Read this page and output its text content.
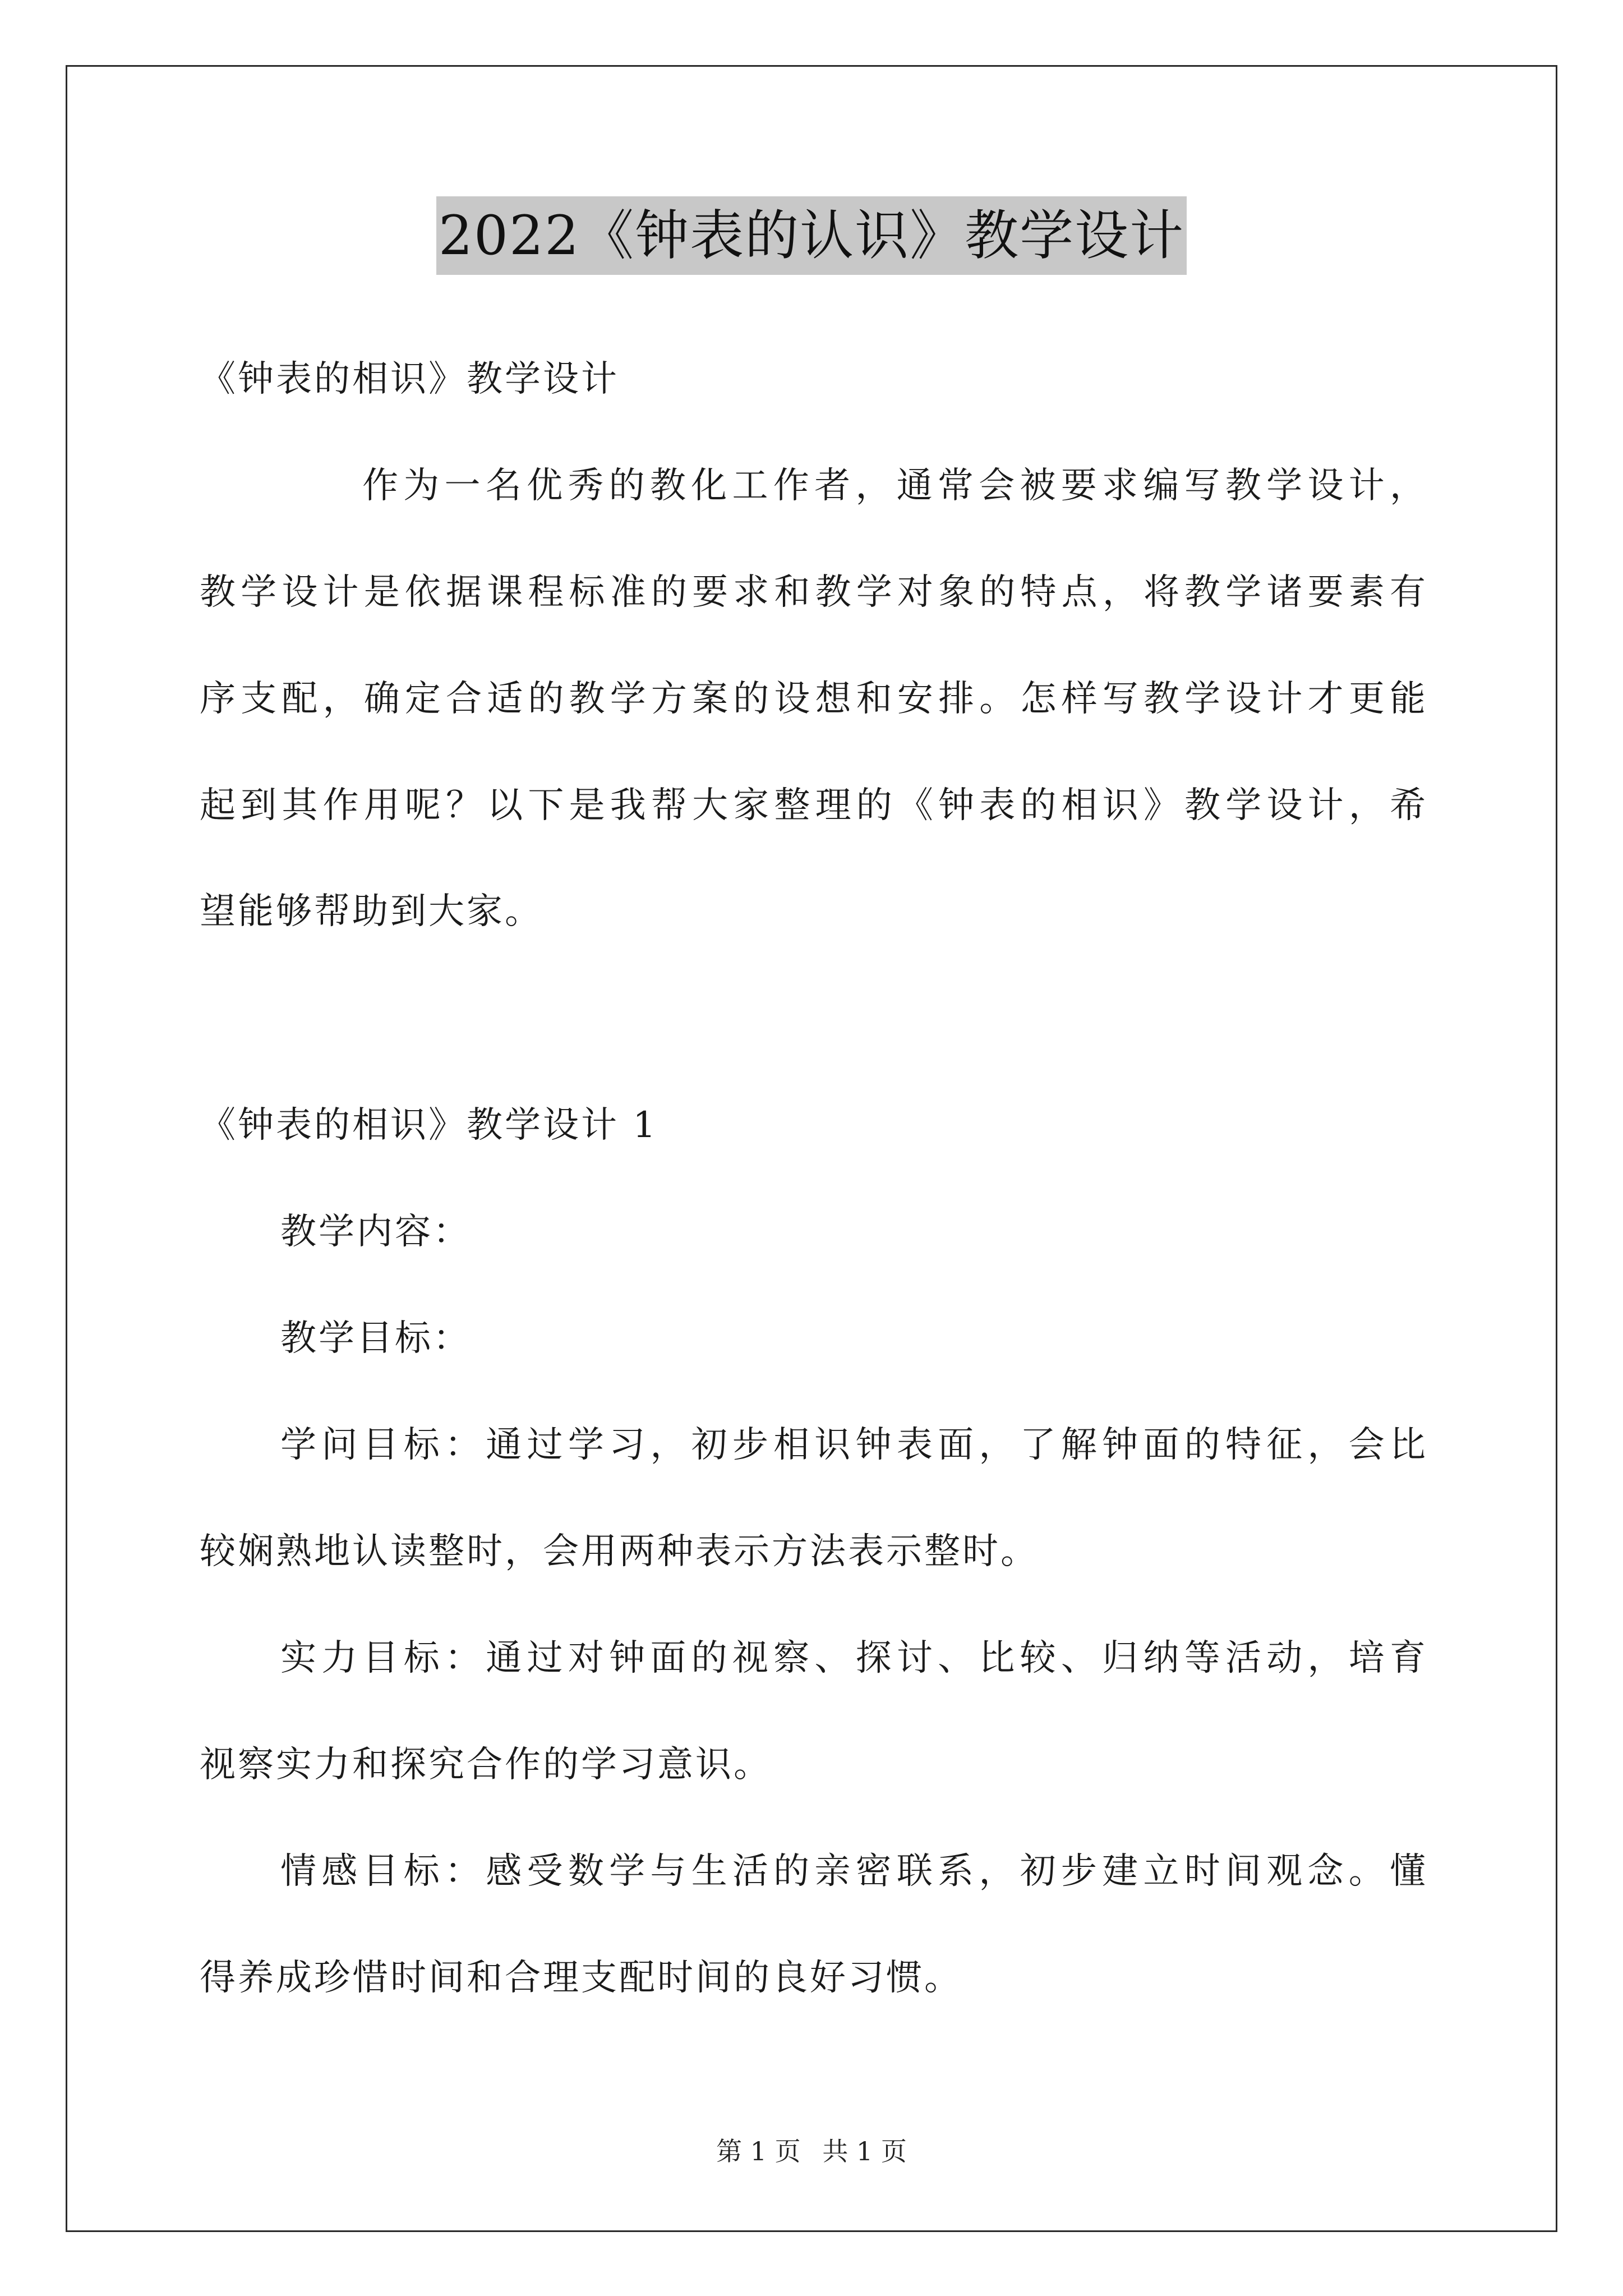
2022《钟表的认识》教学设计
《钟表的相识》教学设计
作为一名优秀的教化工作者，通常会被要求编写教学设计，
教学设计是依据课程标准的要求和教学对象的特点，将教学诸要素有
序支配，确定合适的教学方案的设想和安排。怎样写教学设计才更能
起到其作用呢？以下是我帮大家整理的《钟表的相识》教学设计，希
望能够帮助到大家。
《钟表的相识》教学设计 1
教学内容：
教学目标：
学问目标：通过学习，初步相识钟表面，了解钟面的特征，会比
较娴熟地认读整时，会用两种表示方法表示整时。
实力目标：通过对钟面的视察、探讨、比较、归纳等活动，培育
视察实力和探究合作的学习意识。
情感目标：感受数学与生活的亲密联系，初步建立时间观念。懂
得养成珍惜时间和合理支配时间的良好习惯。
第 1 页 共 1 页
